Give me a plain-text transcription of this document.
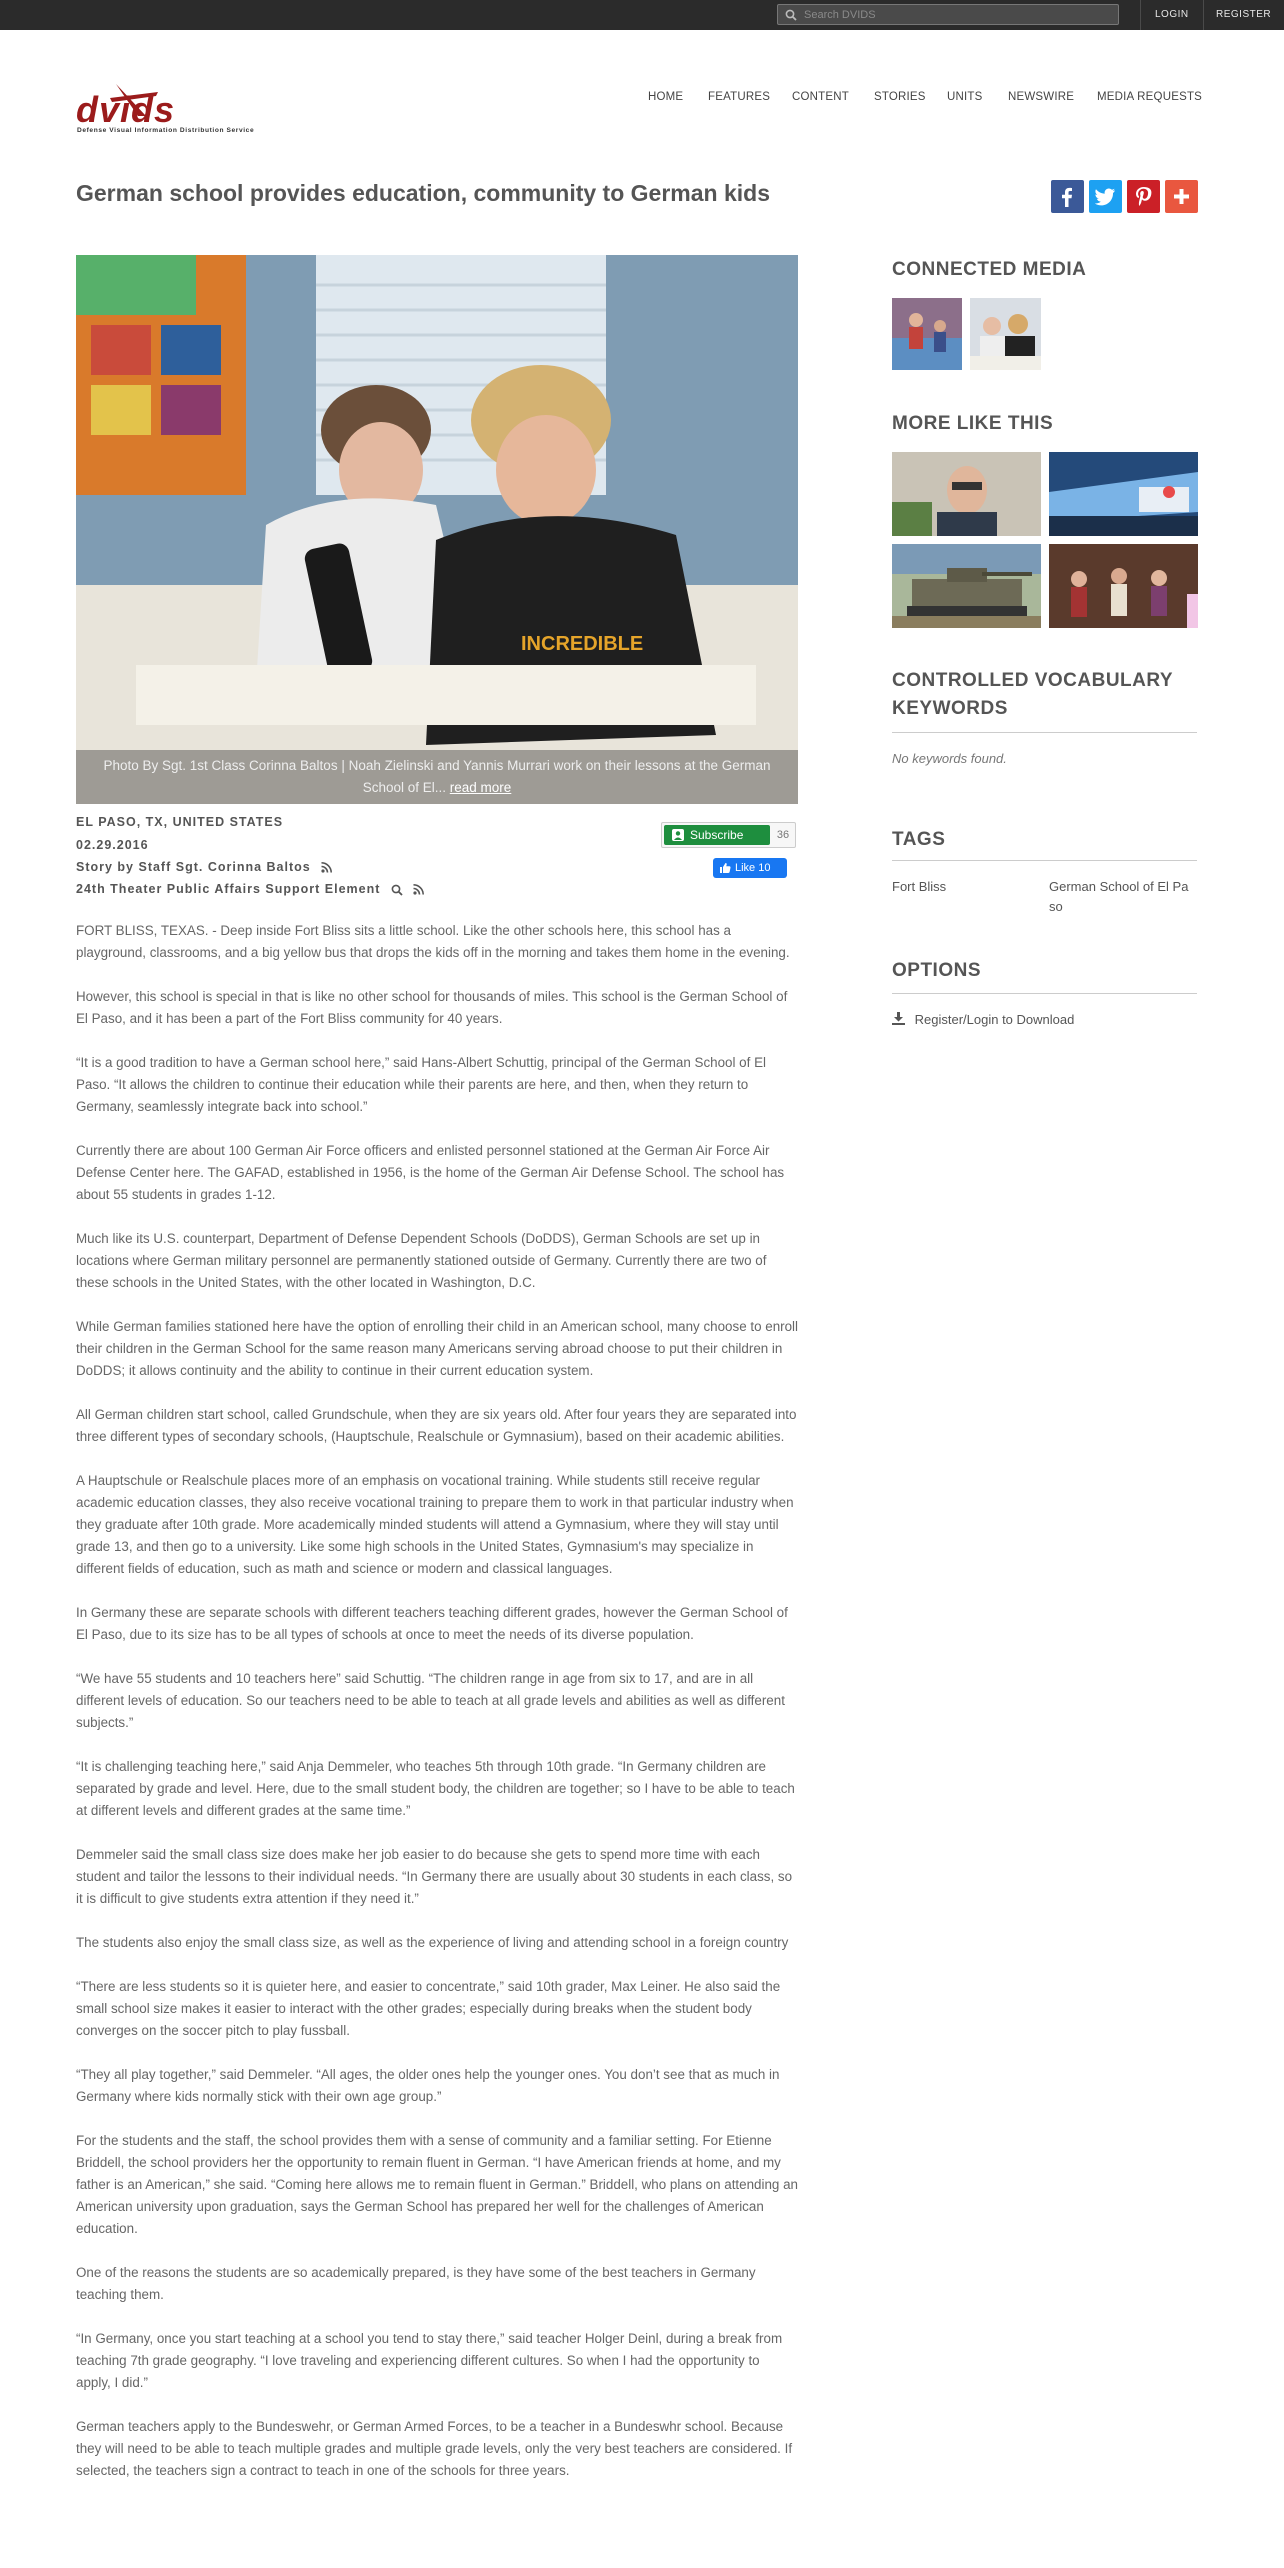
Search DVIDS
LOGIN	REGISTER
dvids
Defense Visual Information Distribution Service
HOME FEATURES CONTENT STORIES UNITS NEWSWIRE MEDIA REQUESTS
German school provides education, community to German kids
INCREDIBLE
Photo By Sgt. 1st Class Corinna Baltos | Noah Zielinski and Yannis Murrari work on their lessons at the German School of El... read more
EL PASO, TX, UNITED STATES
02.29.2016
Story by Staff Sgt. Corinna Baltos
24th Theater Public Affairs Support Element
Subscribe	36
Like 10

FORT BLISS, TEXAS. - Deep inside Fort Bliss sits a little school. Like the other schools here, this school has a playground, classrooms, and a big yellow bus that drops the kids off in the morning and takes them home in the evening.

However, this school is special in that is like no other school for thousands of miles. This school is the German School of El Paso, and it has been a part of the Fort Bliss community for 40 years.

“It is a good tradition to have a German school here,” said Hans-Albert Schuttig, principal of the German School of El Paso. “It allows the children to continue their education while their parents are here, and then, when they return to Germany, seamlessly integrate back into school.”

Currently there are about 100 German Air Force officers and enlisted personnel stationed at the German Air Force Air Defense Center here. The GAFAD, established in 1956, is the home of the German Air Defense School. The school has about 55 students in grades 1-12.

Much like its U.S. counterpart, Department of Defense Dependent Schools (DoDDS), German Schools are set up in locations where German military personnel are permanently stationed outside of Germany. Currently there are two of these schools in the United States, with the other located in Washington, D.C.

While German families stationed here have the option of enrolling their child in an American school, many choose to enroll their children in the German School for the same reason many Americans serving abroad choose to put their children in DoDDS; it allows continuity and the ability to continue in their current education system.

All German children start school, called Grundschule, when they are six years old. After four years they are separated into three different types of secondary schools, (Hauptschule, Realschule or Gymnasium), based on their academic abilities.

A Hauptschule or Realschule places more of an emphasis on vocational training. While students still receive regular academic education classes, they also receive vocational training to prepare them to work in that particular industry when they graduate after 10th grade. More academically minded students will attend a Gymnasium, where they will stay until grade 13, and then go to a university. Like some high schools in the United States, Gymnasium's may specialize in different fields of education, such as math and science or modern and classical languages.

In Germany these are separate schools with different teachers teaching different grades, however the German School of El Paso, due to its size has to be all types of schools at once to meet the needs of its diverse population.

“We have 55 students and 10 teachers here” said Schuttig. “The children range in age from six to 17, and are in all different levels of education. So our teachers need to be able to teach at all grade levels and abilities as well as different subjects.”

“It is challenging teaching here,” said Anja Demmeler, who teaches 5th through 10th grade. “In Germany children are separated by grade and level. Here, due to the small student body, the children are together; so I have to be able to teach at different levels and different grades at the same time.”

Demmeler said the small class size does make her job easier to do because she gets to spend more time with each student and tailor the lessons to their individual needs. “In Germany there are usually about 30 students in each class, so it is difficult to give students extra attention if they need it.”

The students also enjoy the small class size, as well as the experience of living and attending school in a foreign country

“There are less students so it is quieter here, and easier to concentrate,” said 10th grader, Max Leiner. He also said the small school size makes it easier to interact with the other grades; especially during breaks when the student body converges on the soccer pitch to play fussball.

“They all play together,” said Demmeler. “All ages, the older ones help the younger ones. You don’t see that as much in Germany where kids normally stick with their own age group.”

For the students and the staff, the school provides them with a sense of community and a familiar setting. For Etienne Briddell, the school providers her the opportunity to remain fluent in German. “I have American friends at home, and my father is an American,” she said. “Coming here allows me to remain fluent in German.” Briddell, who plans on attending an American university upon graduation, says the German School has prepared her well for the challenges of American education.

One of the reasons the students are so academically prepared, is they have some of the best teachers in Germany teaching them.

“In Germany, once you start teaching at a school you tend to stay there,” said teacher Holger Deinl, during a break from teaching 7th grade geography. “I love traveling and experiencing different cultures. So when I had the opportunity to apply, I did.”

German teachers apply to the Bundeswehr, or German Armed Forces, to be a teacher in a Bundeswhr school. Because they will need to be able to teach multiple grades and multiple grade levels, only the very best teachers are considered. If selected, the teachers sign a contract to teach in one of the schools for three years.

CONNECTED MEDIA
MORE LIKE THIS
CONTROLLED VOCABULARY
KEYWORDS
No keywords found.
TAGS
Fort Bliss	German School of El Pa so
OPTIONS
Register/Login to Download
